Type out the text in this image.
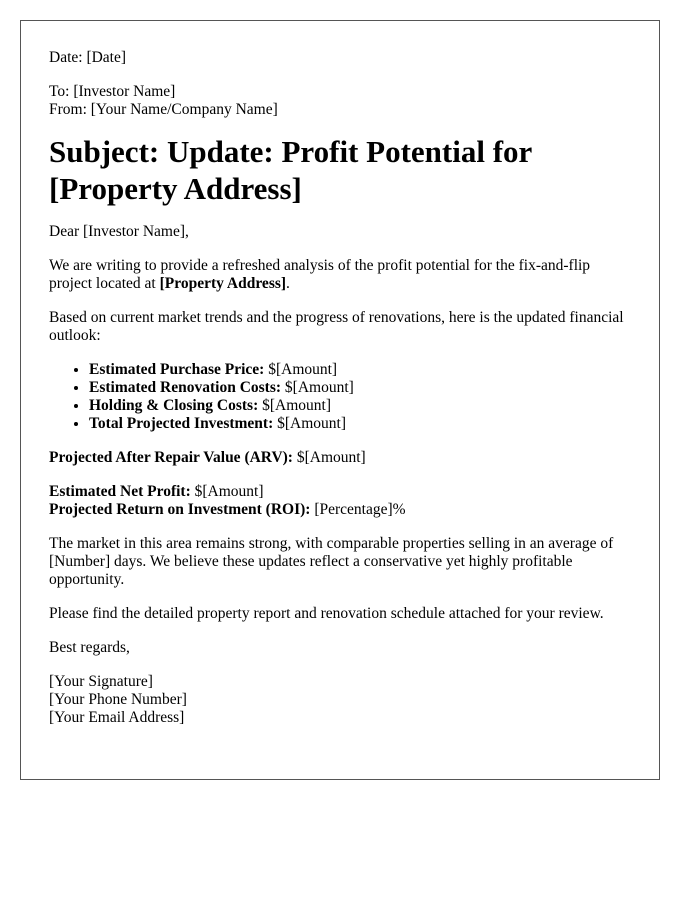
Date: [Date]
To: [Investor Name]
From: [Your Name/Company Name]
Subject: Update: Profit Potential for [Property Address]

Dear [Investor Name],

We are writing to provide a refreshed analysis of the profit potential for the fix-and-flip project located at [Property Address].

Based on current market trends and the progress of renovations, here is the updated financial outlook:

• Estimated Purchase Price: $[Amount]
• Estimated Renovation Costs: $[Amount]
• Holding & Closing Costs: $[Amount]
• Total Projected Investment: $[Amount]

Projected After Repair Value (ARV): $[Amount]

Estimated Net Profit: $[Amount]
Projected Return on Investment (ROI): [Percentage]%

The market in this area remains strong, with comparable properties selling in an average of [Number] days. We believe these updates reflect a conservative yet highly profitable opportunity.

Please find the detailed property report and renovation schedule attached for your review.

Best regards,

[Your Signature]
[Your Phone Number]
[Your Email Address]
